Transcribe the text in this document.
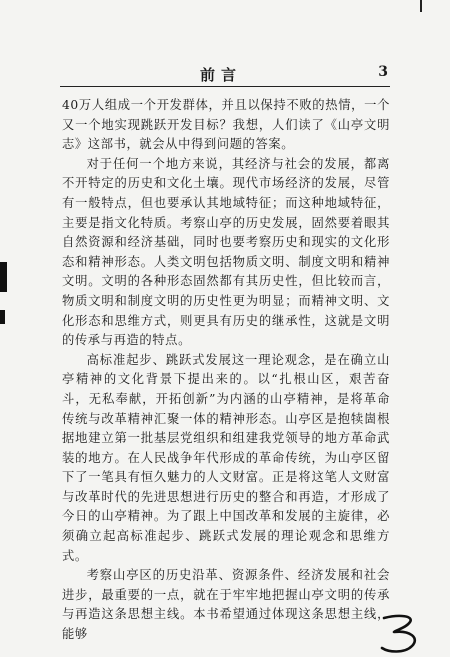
前言	3

40万人组成一个开发群体，并且以保持不败的热情，一个又一个地实现跳跃开发目标？我想，人们读了《山亭文明志》这部书，就会从中得到问题的答案。

对于任何一个地方来说，其经济与社会的发展，都离不开特定的历史和文化土壤。现代市场经济的发展，尽管有一般特点，但也要承认其地域特征；而这种地域特征，主要是指文化特质。考察山亭的历史发展，固然要着眼其自然资源和经济基础，同时也要考察历史和现实的文化形态和精神形态。人类文明包括物质文明、制度文明和精神文明。文明的各种形态固然都有其历史性，但比较而言，物质文明和制度文明的历史性更为明显；而精神文明、文化形态和思维方式，则更具有历史的继承性，这就是文明的传承与再造的特点。

高标准起步、跳跃式发展这一理论观念，是在确立山亭精神的文化背景下提出来的。以“扎根山区，艰苦奋斗，无私奉献，开拓创新”为内涵的山亭精神，是将革命传统与改革精神汇聚一体的精神形态。山亭区是抱犊崮根据地建立第一批基层党组织和组建我党领导的地方革命武装的地方。在人民战争年代形成的革命传统，为山亭区留下了一笔具有恒久魅力的人文财富。正是将这笔人文财富与改革时代的先进思想进行历史的整合和再造，才形成了今日的山亭精神。为了跟上中国改革和发展的主旋律，必须确立起高标准起步、跳跃式发展的理论观念和思维方式。

考察山亭区的历史沿革、资源条件、经济发展和社会进步，最重要的一点，就在于牢牢地把握山亭文明的传承与再造这条思想主线。本书希望通过体现这条思想主线，能够
